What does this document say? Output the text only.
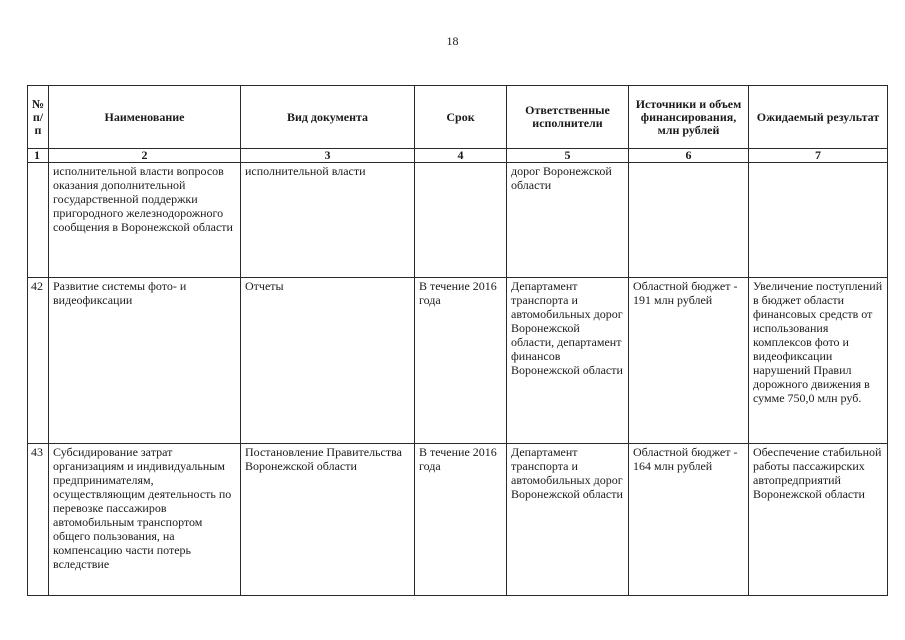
18
№ п/п	Наименование	Вид документа	Срок	Ответственные исполнители	Источники и объем финансирования, млн рублей	Ожидаемый результат
1	2	3	4	5	6	7
	исполнительной власти вопросов оказания дополнительной государственной поддержки пригородного железнодорожного сообщения в Воронежской области	исполнительной власти		дорог Воронежской области		
42	Развитие системы фото- и видеофиксации	Отчеты	В течение 2016 года	Департамент транспорта и автомобильных дорог Воронежской области, департамент финансов Воронежской области	Областной бюджет - 191 млн рублей	Увеличение поступлений в бюджет области финансовых средств от использования комплексов фото и видеофиксации нарушений Правил дорожного движения в сумме 750,0 млн руб.
43	Субсидирование затрат организациям и индивидуальным предпринимателям, осуществляющим деятельность по перевозке пассажиров автомобильным транспортом общего пользования, на компенсацию части потерь вследствие	Постановление Правительства Воронежской области	В течение 2016 года	Департамент транспорта и автомобильных дорог Воронежской области	Областной бюджет - 164 млн рублей	Обеспечение стабильной работы пассажирских автопредприятий Воронежской области
